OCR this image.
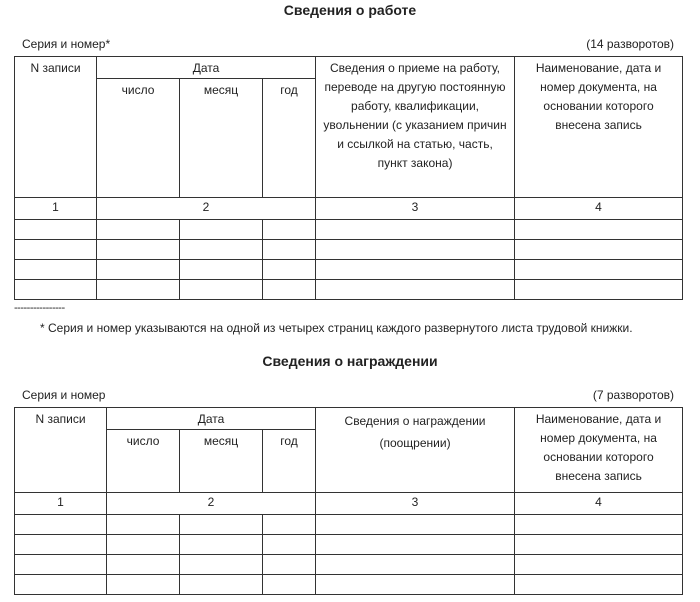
Сведения о работе
Серия и номер*	(14 разворотов)
N записи	Дата			Сведения о приеме на работу, переводе на другую постоянную работу, квалификации, увольнении (с указанием причин и ссылкой на статью, часть, пункт закона)	Наименование, дата и номер документа, на основании которого внесена запись
	число	месяц	год		
1	2			3	4

----------------
* Серия и номер указываются на одной из четырех страниц каждого развернутого листа трудовой книжки.
Сведения о награждении
Серия и номер	(7 разворотов)
N записи	Дата			Сведения о награждении (поощрении)	Наименование, дата и номер документа, на основании которого внесена запись
	число	месяц	год		
1	2			3	4
